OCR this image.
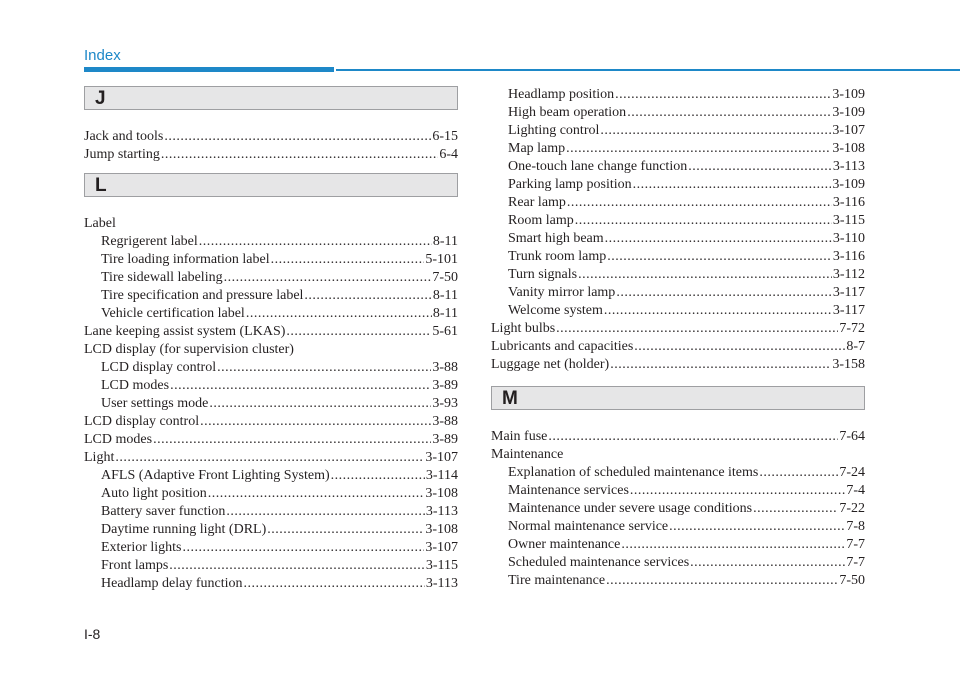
Index
J
Jack and tools .....	6-15
Jump starting .....	6-4
L
Label
Regrigerent label .....	8-11
Tire loading information label .....	5-101
Tire sidewall labeling .....	7-50
Tire specification and pressure label .....	8-11
Vehicle certification label .....	8-11
Lane keeping assist system (LKAS) .....	5-61
LCD display (for supervision cluster)
LCD display control .....	3-88
LCD modes .....	3-89
User settings mode .....	3-93
LCD display control .....	3-88
LCD modes .....	3-89
Light .....	3-107
AFLS (Adaptive Front Lighting System) .....	3-114
Auto light position .....	3-108
Battery saver function .....	3-113
Daytime running light (DRL) .....	3-108
Exterior lights .....	3-107
Front lamps .....	3-115
Headlamp delay function .....	3-113
Headlamp position .....	3-109
High beam operation .....	3-109
Lighting control .....	3-107
Map lamp .....	3-108
One-touch lane change function .....	3-113
Parking lamp position .....	3-109
Rear lamp .....	3-116
Room lamp .....	3-115
Smart high beam .....	3-110
Trunk room lamp .....	3-116
Turn signals .....	3-112
Vanity mirror lamp .....	3-117
Welcome system .....	3-117
Light bulbs .....	7-72
Lubricants and capacities .....	8-7
Luggage net (holder) .....	3-158
M
Main fuse .....	7-64
Maintenance
Explanation of scheduled maintenance items .....	7-24
Maintenance services .....	7-4
Maintenance under severe usage conditions .....	7-22
Normal maintenance service .....	7-8
Owner maintenance .....	7-7
Scheduled maintenance services .....	7-7
Tire maintenance .....	7-50
I-8
